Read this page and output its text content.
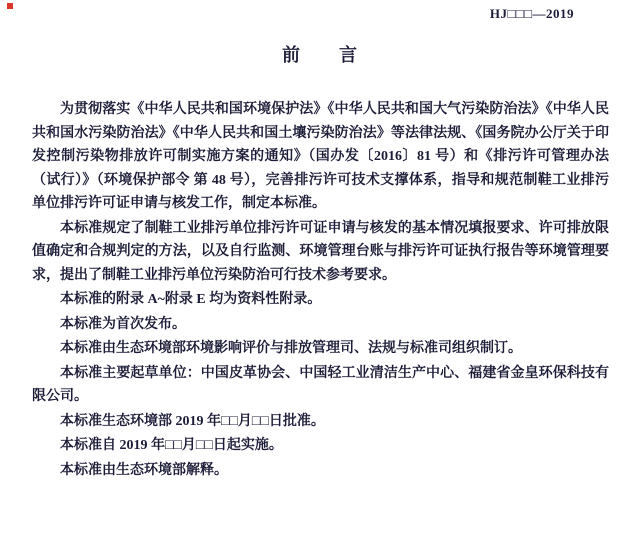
HJ□□□—2019
前　　言

为贯彻落实《中华人民共和国环境保护法》《中华人民共和国大气污染防治法》《中华人民共和国水污染防治法》《中华人民共和国土壤污染防治法》等法律法规、《国务院办公厅关于印发控制污染物排放许可制实施方案的通知》（国办发〔2016〕81 号）和《排污许可管理办法（试行）》（环境保护部令 第 48 号），完善排污许可技术支撑体系，指导和规范制鞋工业排污单位排污许可证申请与核发工作，制定本标准。

本标准规定了制鞋工业排污单位排污许可证申请与核发的基本情况填报要求、许可排放限值确定和合规判定的方法，以及自行监测、环境管理台账与排污许可证执行报告等环境管理要求，提出了制鞋工业排污单位污染防治可行技术参考要求。

本标准的附录 A~附录 E 均为资料性附录。

本标准为首次发布。

本标准由生态环境部环境影响评价与排放管理司、法规与标准司组织制订。

本标准主要起草单位：中国皮革协会、中国轻工业清洁生产中心、福建省金皇环保科技有限公司。

本标准生态环境部 2019 年□□月□□日批准。

本标准自 2019 年□□月□□日起实施。

本标准由生态环境部解释。
